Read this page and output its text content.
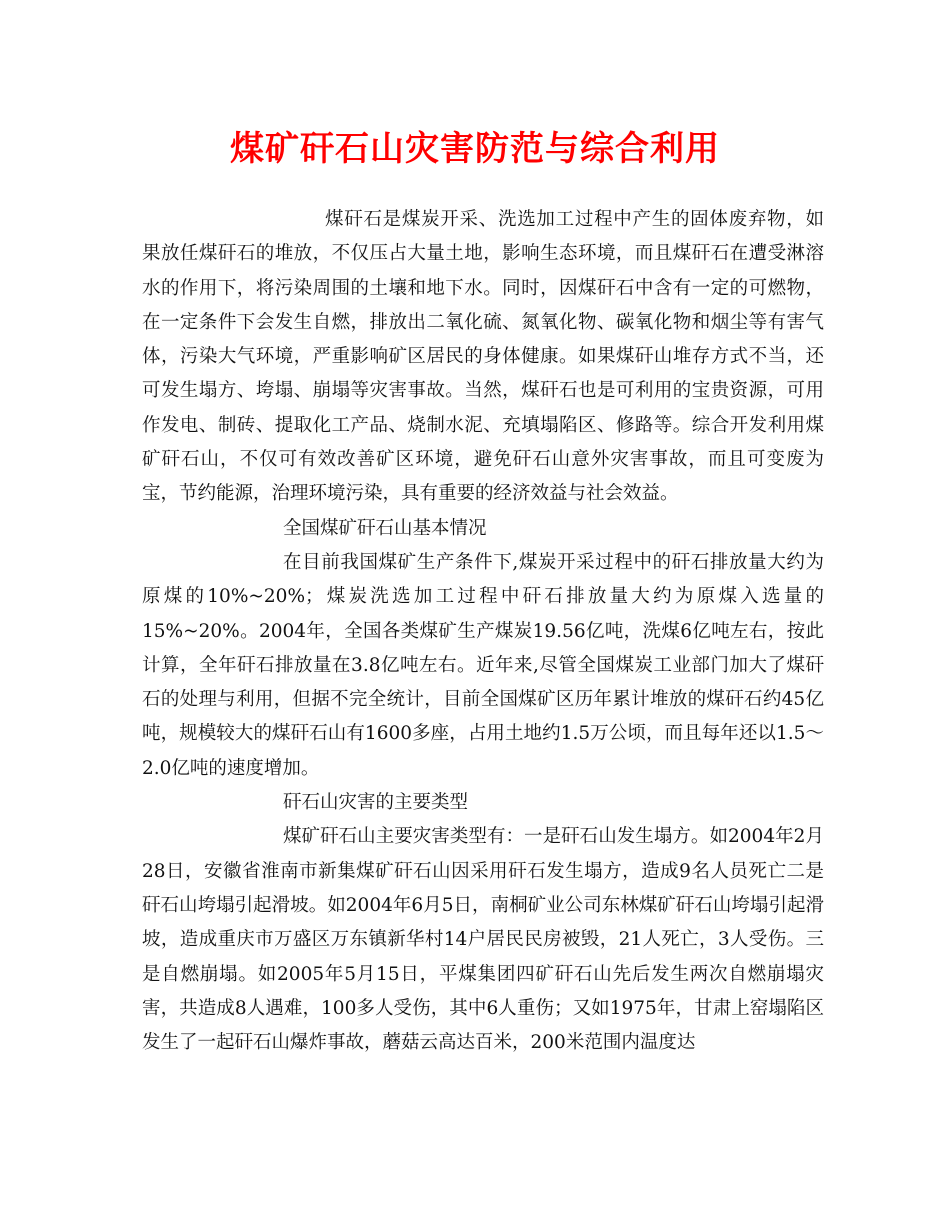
煤矿矸石山灾害防范与综合利用

煤矸石是煤炭开采、洗选加工过程中产生的固体废弃物，如果放任煤矸石的堆放，不仅压占大量土地，影响生态环境，而且煤矸石在遭受淋溶水的作用下，将污染周围的土壤和地下水。同时，因煤矸石中含有一定的可燃物，在一定条件下会发生自燃，排放出二氧化硫、氮氧化物、碳氧化物和烟尘等有害气体，污染大气环境，严重影响矿区居民的身体健康。如果煤矸山堆存方式不当，还可发生塌方、垮塌、崩塌等灾害事故。当然，煤矸石也是可利用的宝贵资源，可用作发电、制砖、提取化工产品、烧制水泥、充填塌陷区、修路等。综合开发利用煤矿矸石山，不仅可有效改善矿区环境，避免矸石山意外灾害事故，而且可变废为宝，节约能源，治理环境污染，具有重要的经济效益与社会效益。

全国煤矿矸石山基本情况

在目前我国煤矿生产条件下,煤炭开采过程中的矸石排放量大约为原煤的10%~20%；煤炭洗选加工过程中矸石排放量大约为原煤入选量的15%~20%。2004年，全国各类煤矿生产煤炭19.56亿吨，洗煤6亿吨左右，按此计算，全年矸石排放量在3.8亿吨左右。近年来,尽管全国煤炭工业部门加大了煤矸石的处理与利用，但据不完全统计，目前全国煤矿区历年累计堆放的煤矸石约45亿吨，规模较大的煤矸石山有1600多座，占用土地约1.5万公顷，而且每年还以1.5～2.0亿吨的速度增加。

矸石山灾害的主要类型

煤矿矸石山主要灾害类型有：一是矸石山发生塌方。如2004年2月28日，安徽省淮南市新集煤矿矸石山因采用矸石发生塌方，造成9名人员死亡二是矸石山垮塌引起滑坡。如2004年6月5日，南桐矿业公司东林煤矿矸石山垮塌引起滑坡，造成重庆市万盛区万东镇新华村14户居民民房被毁，21人死亡，3人受伤。三是自燃崩塌。如2005年5月15日，平煤集团四矿矸石山先后发生两次自燃崩塌灾害，共造成8人遇难，100多人受伤，其中6人重伤；又如1975年，甘肃上窑塌陷区发生了一起矸石山爆炸事故，蘑菇云高达百米，200米范围内温度达
